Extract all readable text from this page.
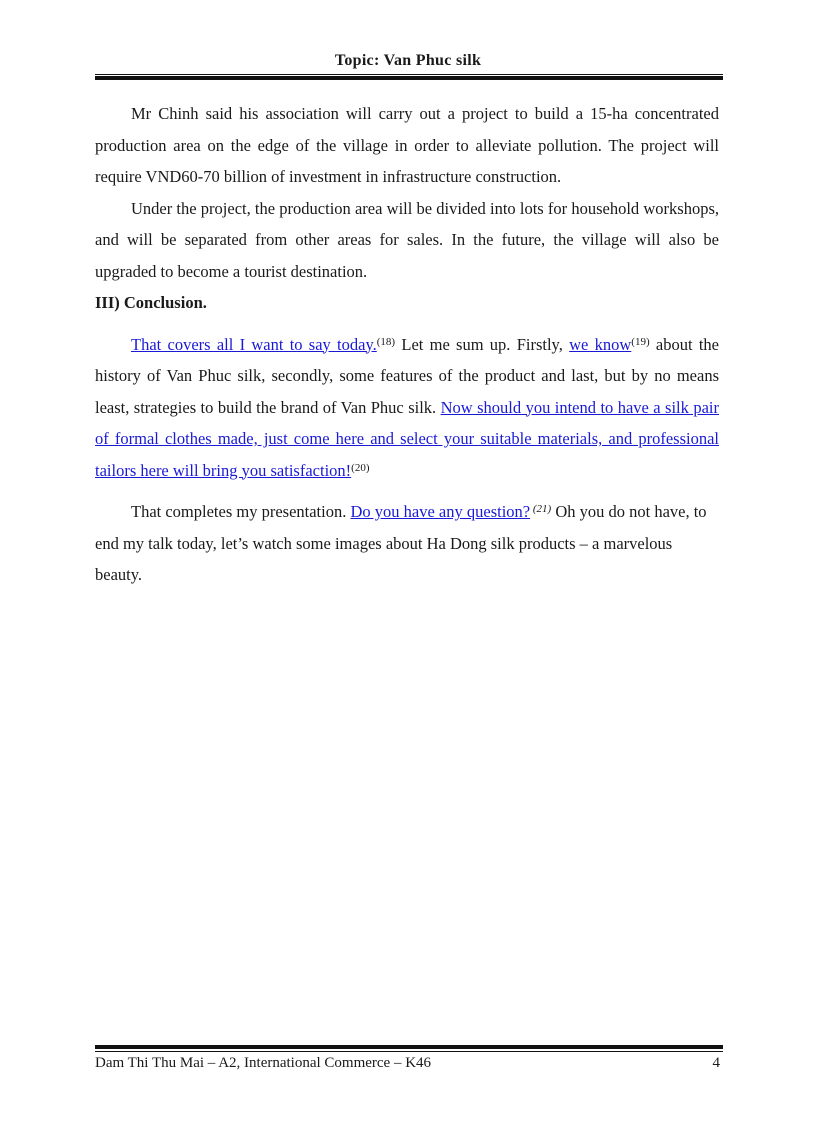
Topic: Van Phuc silk

Mr Chinh said his association will carry out a project to build a 15-ha concentrated production area on the edge of the village in order to alleviate pollution. The project will require VND60-70 billion of investment in infrastructure construction.

Under the project, the production area will be divided into lots for household workshops, and will be separated from other areas for sales. In the future, the village will also be upgraded to become a tourist destination.

III) Conclusion.

That covers all I want to say today.$^{(18)}$ Let me sum up. Firstly, we know$^{(19)}$ about the history of Van Phuc silk, secondly, some features of the product and last, but by no means least, strategies to build the brand of Van Phuc silk. Now should you intend to have a silk pair of formal clothes made, just come here and select your suitable materials, and professional tailors here will bring you satisfaction!$^{(20)}$

That completes my presentation. Do you have any question? $^{(21)}$ Oh you do not have, to end my talk today, let’s watch some images about Ha Dong silk products – a marvelous beauty.

Dam Thi Thu Mai – A2, International Commerce – K46	4
